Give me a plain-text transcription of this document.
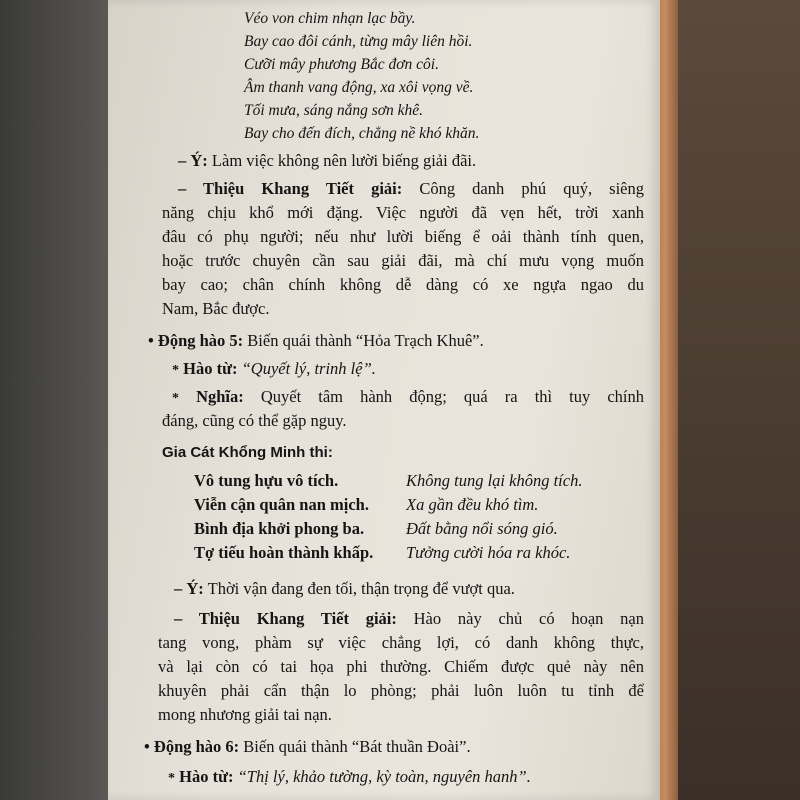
Véo von chim nhạn lạc bầy.
Bay cao đôi cánh, từng mây liên hồi.
Cưỡi mây phương Bắc đơn côi.
Âm thanh vang động, xa xôi vọng về.
Tối mưa, sáng nắng sơn khê.
Bay cho đến đích, chẳng nề khó khăn.
– Ý: Làm việc không nên lười biếng giải đãi.
– Thiệu Khang Tiết giải: Công danh phú quý, siêng
năng chịu khổ mới đặng. Việc người đã vẹn hết, trời xanh
đâu có phụ người; nếu như lười biếng ể oải thành tính quen,
hoặc trước chuyên cần sau giải đãi, mà chí mưu vọng muốn
bay cao; chân chính không dễ dàng có xe ngựa ngao du
Nam, Bắc được.
• Động hào 5: Biến quái thành “Hỏa Trạch Khuê”.
* Hào từ: “Quyết lý, trinh lệ”.
* Nghĩa: Quyết tâm hành động; quá ra thì tuy chính
đáng, cũng có thể gặp nguy.
Gia Cát Khổng Minh thi:
Vô tung hựu vô tích.	Không tung lại không tích.
Viễn cận quân nan mịch. Xa gần đều khó tìm.
Bình địa khởi phong ba.	Đất bằng nổi sóng gió.
Tợ tiếu hoàn thành khấp. Tưởng cười hóa ra khóc.
– Ý: Thời vận đang đen tối, thận trọng để vượt qua.
– Thiệu Khang Tiết giải: Hào này chủ có hoạn nạn
tang vong, phàm sự việc chẳng lợi, có danh không thực,
và lại còn có tai họa phi thường. Chiếm được quẻ này nên
khuyên phải cẩn thận lo phòng; phải luôn luôn tu tỉnh để
mong nhương giải tai nạn.
• Động hào 6: Biến quái thành “Bát thuần Đoài”.
* Hào từ: “Thị lý, khảo tường, kỳ toàn, nguyên hanh”.
